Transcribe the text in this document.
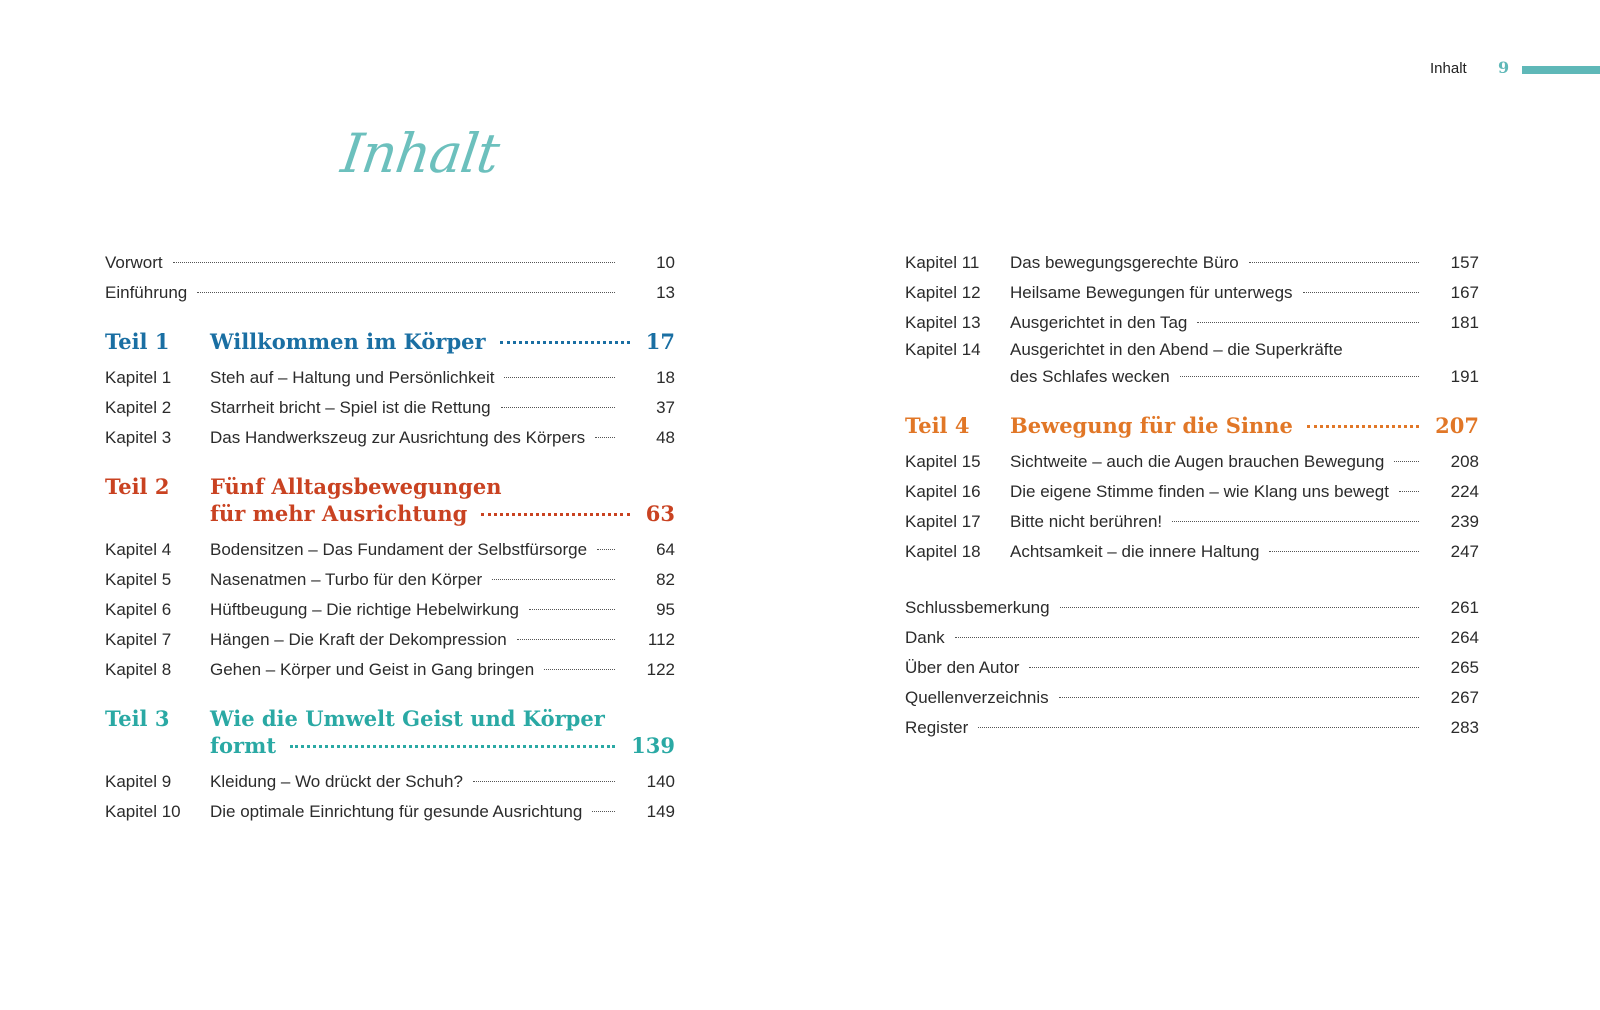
Inhalt 9
Inhalt
Vorwort	10
Einführung	13
Teil 1	Willkommen im Körper	17
Kapitel 1	Steh auf – Haltung und Persönlichkeit	18
Kapitel 2	Starrheit bricht – Spiel ist die Rettung	37
Kapitel 3	Das Handwerkszeug zur Ausrichtung des Körpers	48
Teil 2	Fünf Alltagsbewegungen
für mehr Ausrichtung	63
Kapitel 4	Bodensitzen – Das Fundament der Selbstfürsorge	64
Kapitel 5	Nasenatmen – Turbo für den Körper	82
Kapitel 6	Hüftbeugung – Die richtige Hebelwirkung	95
Kapitel 7	Hängen – Die Kraft der Dekompression	112
Kapitel 8	Gehen – Körper und Geist in Gang bringen	122
Teil 3	Wie die Umwelt Geist und Körper
formt	139
Kapitel 9	Kleidung – Wo drückt der Schuh?	140
Kapitel 10	Die optimale Einrichtung für gesunde Ausrichtung	149
Kapitel 11	Das bewegungsgerechte Büro	157
Kapitel 12	Heilsame Bewegungen für unterwegs	167
Kapitel 13	Ausgerichtet in den Tag	181
Kapitel 14	Ausgerichtet in den Abend – die Superkräfte
des Schlafes wecken	191
Teil 4	Bewegung für die Sinne	207
Kapitel 15	Sichtweite – auch die Augen brauchen Bewegung	208
Kapitel 16	Die eigene Stimme finden – wie Klang uns bewegt	224
Kapitel 17	Bitte nicht berühren!	239
Kapitel 18	Achtsamkeit – die innere Haltung	247
Schlussbemerkung	261
Dank	264
Über den Autor	265
Quellenverzeichnis	267
Register	283
